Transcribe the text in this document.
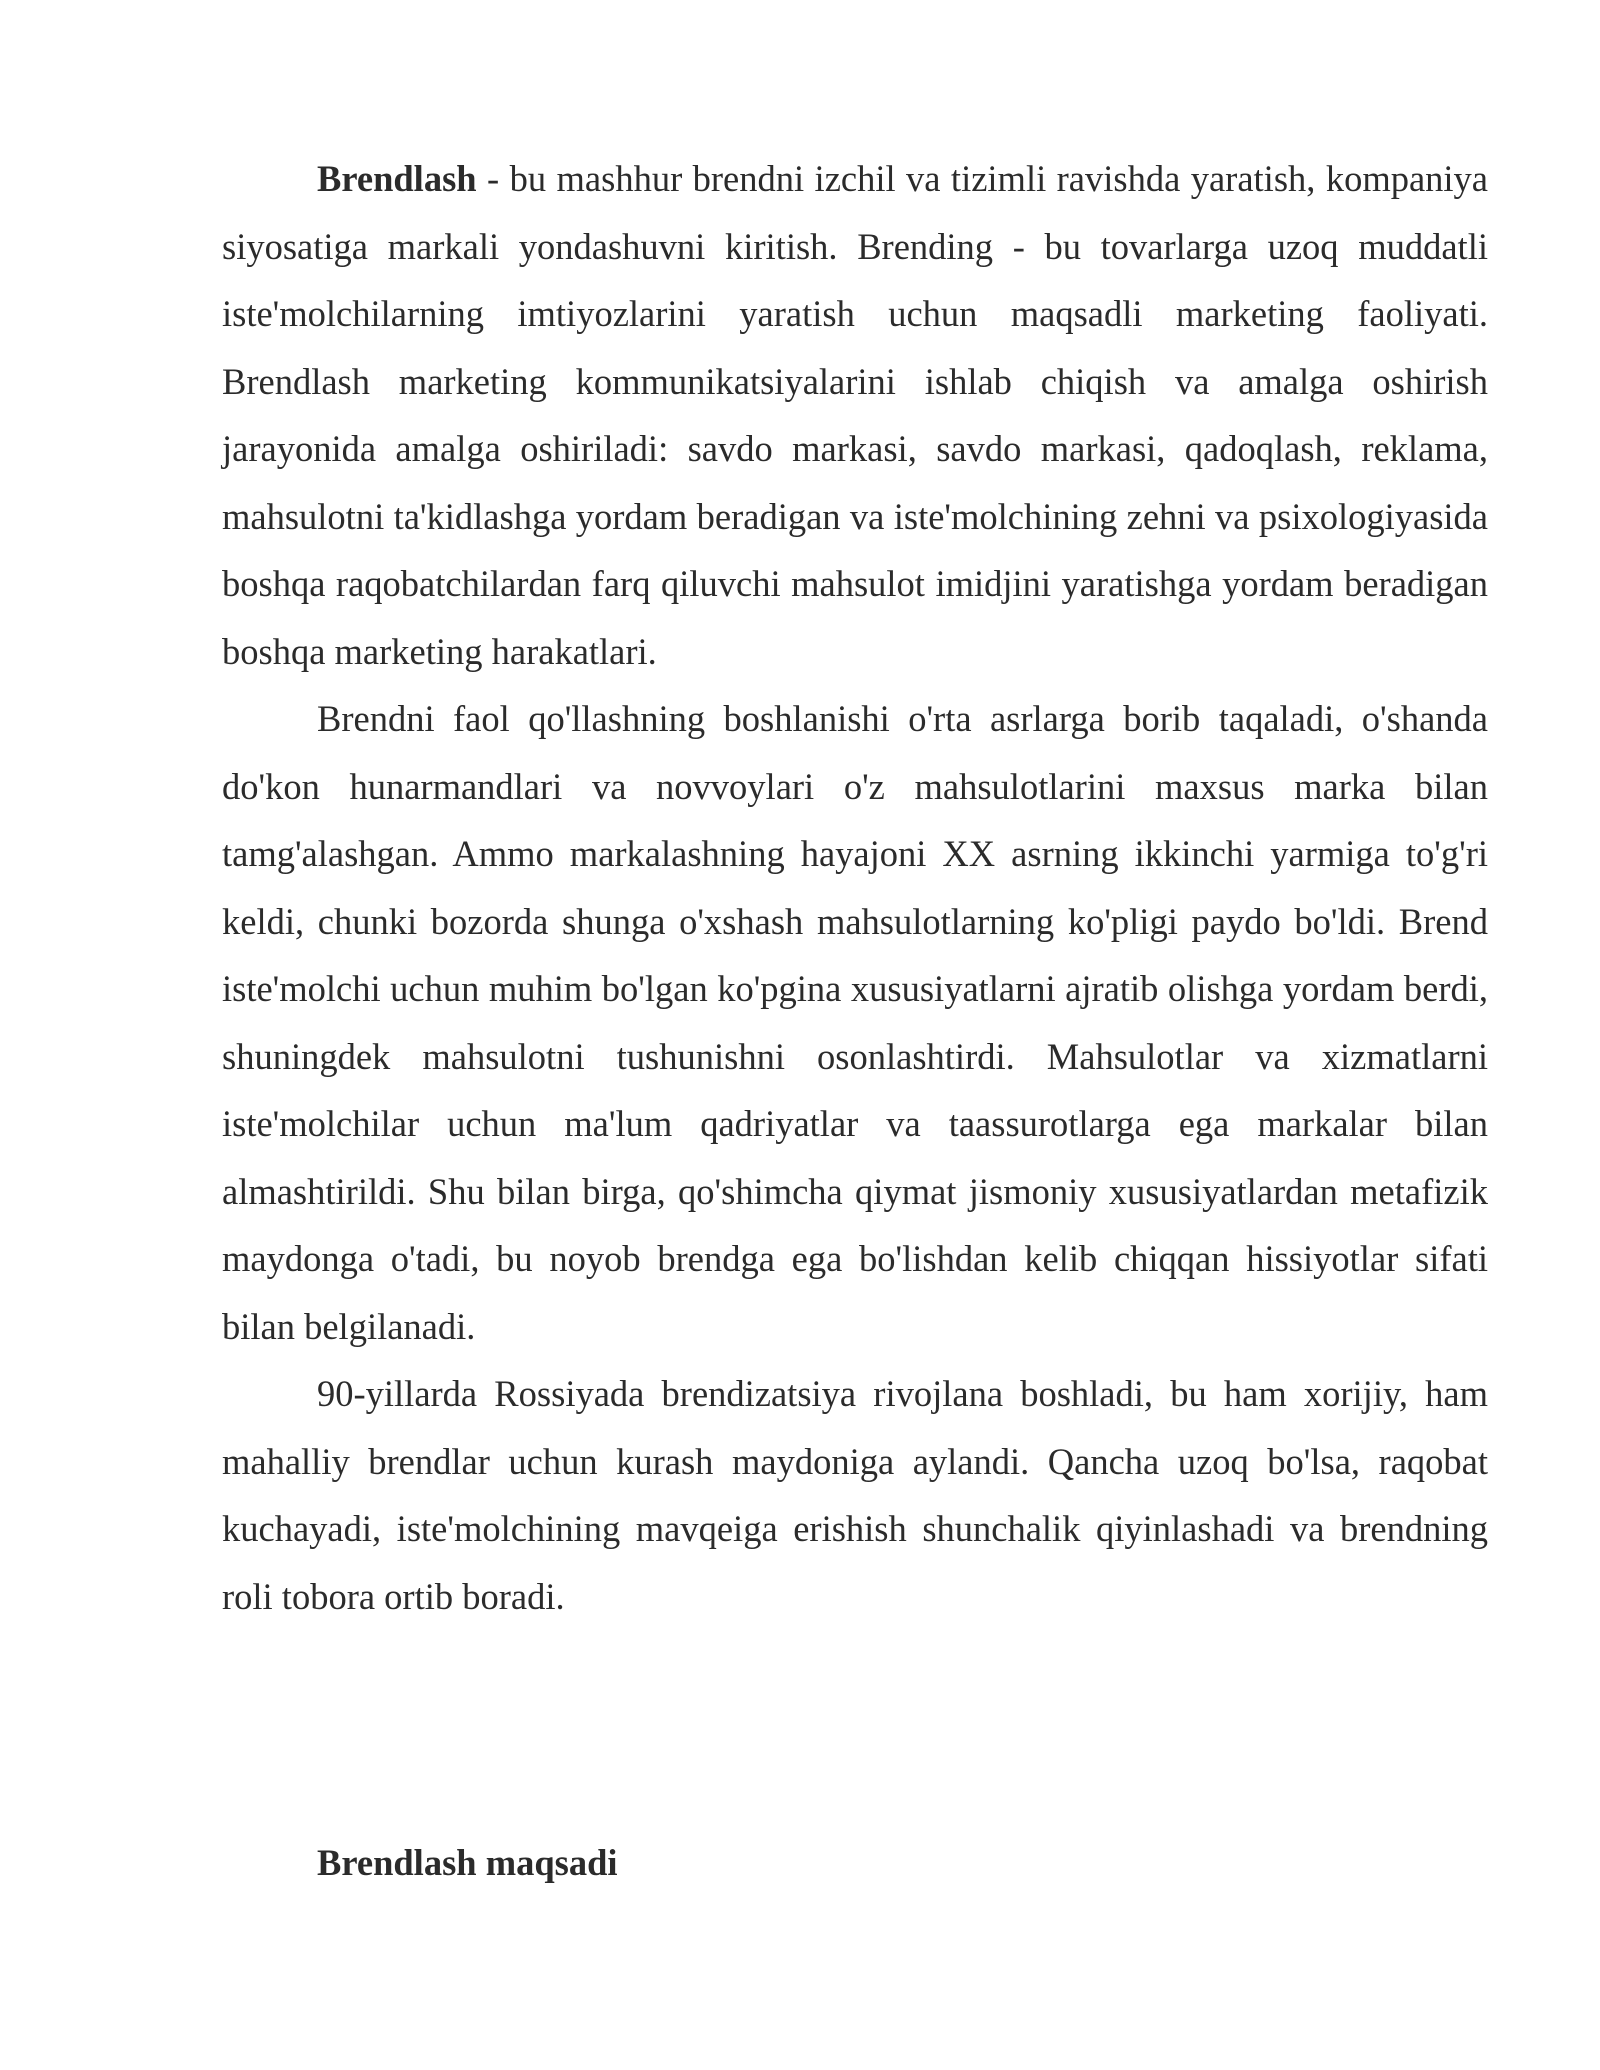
Brendlash - bu mashhur brendni izchil va tizimli ravishda yaratish, kompaniya siyosatiga markali yondashuvni kiritish. Brending - bu tovarlarga uzoq muddatli iste'molchilarning imtiyozlarini yaratish uchun maqsadli marketing faoliyati. Brendlash marketing kommunikatsiyalarini ishlab chiqish va amalga oshirish jarayonida amalga oshiriladi: savdo markasi, savdo markasi, qadoqlash, reklama, mahsulotni ta'kidlashga yordam beradigan va iste'molchining zehni va psixologiyasida boshqa raqobatchilardan farq qiluvchi mahsulot imidjini yaratishga yordam beradigan boshqa marketing harakatlari.

Brendni faol qo'llashning boshlanishi o'rta asrlarga borib taqaladi, o'shanda do'kon hunarmandlari va novvoylari o'z mahsulotlarini maxsus marka bilan tamg'alashgan. Ammo markalashning hayajoni XX asrning ikkinchi yarmiga to'g'ri keldi, chunki bozorda shunga o'xshash mahsulotlarning ko'pligi paydo bo'ldi. Brend iste'molchi uchun muhim bo'lgan ko'pgina xususiyatlarni ajratib olishga yordam berdi, shuningdek mahsulotni tushunishni osonlashtirdi. Mahsulotlar va xizmatlarni iste'molchilar uchun ma'lum qadriyatlar va taassurotlarga ega markalar bilan almashtirildi. Shu bilan birga, qo'shimcha qiymat jismoniy xususiyatlardan metafizik maydonga o'tadi, bu noyob brendga ega bo'lishdan kelib chiqqan hissiyotlar sifati bilan belgilanadi.

90-yillarda Rossiyada brendizatsiya rivojlana boshladi, bu ham xorijiy, ham mahalliy brendlar uchun kurash maydoniga aylandi. Qancha uzoq bo'lsa, raqobat kuchayadi, iste'molchining mavqeiga erishish shunchalik qiyinlashadi va brendning roli tobora ortib boradi.

Brendlash maqsadi
